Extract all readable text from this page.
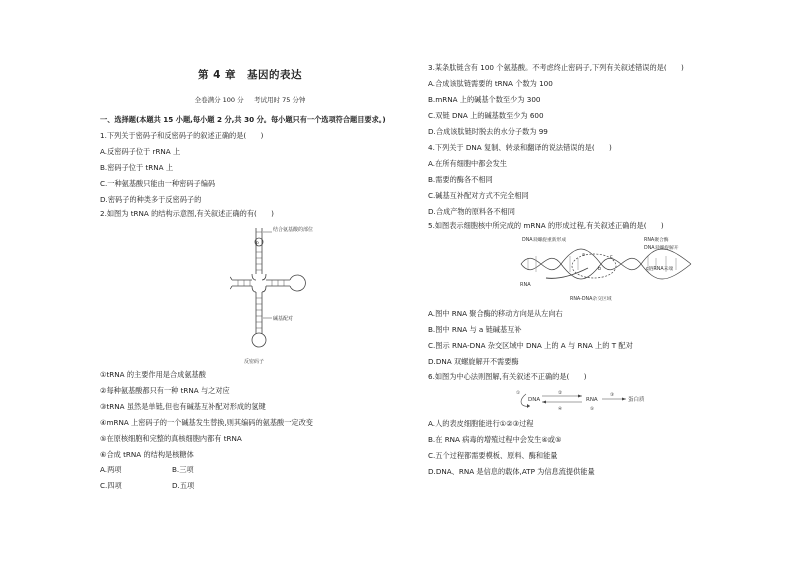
第 4 章　基因的表达
全卷满分 100 分 考试用时 75 分钟
一、选择题(本题共 15 小题,每小题 2 分,共 30 分。每小题只有一个选项符合题目要求。)
1.下列关于密码子和反密码子的叙述正确的是(　　)
A.反密码子位于 rRNA 上
B.密码子位于 tRNA 上
C.一种氨基酸只能由一种密码子编码
D.密码子的种类多于反密码子的
2.如图为 tRNA 的结构示意图,有关叙述正确的有(　　)
P
结合氨基酸的部位
碱基配对
反密码子
①tRNA 的主要作用是合成氨基酸
②每种氨基酸都只有一种 tRNA 与之对应
③tRNA 虽然是单链,但也有碱基互补配对形成的氢键
④mRNA 上密码子的一个碱基发生替换,则其编码的氨基酸一定改变
⑤在原核细胞和完整的真核细胞内都有 tRNA
⑥合成 tRNA 的结构是核糖体
A.两项	B.三项
C.四项	D.五项
3.某条肽链含有 100 个氨基酸。不考虑终止密码子,下列有关叙述错误的是(　　)
A.合成该肽链需要的 tRNA 个数为 100
B.mRNA 上的碱基个数至少为 300
C.双链 DNA 上的碱基数至少为 600
D.合成该肽链时脱去的水分子数为 99
4.下列关于 DNA 复制、转录和翻译的说法错误的是(　　)
A.在所有细胞中都会发生
B.需要的酶各不相同
C.碱基互补配对方式不完全相同
D.合成产物的原料各不相同
5.如图表示细胞核中所完成的 mRNA 的形成过程,有关叙述正确的是(　　)
DNA双螺旋重新形成	RNA聚合酶
DNA双螺旋解开
RNA
a
b
c
c链RNA末端
RNA-DNA杂交区域
A.图中 RNA 聚合酶的移动方向是从左向右
B.图中 RNA 与 a 链碱基互补
C.图示 RNA-DNA 杂交区域中 DNA 上的 A 与 RNA 上的 T 配对
D.DNA 双螺旋解开不需要酶
6.如图为中心法则图解,有关叙述不正确的是(　　)
DNA	RNA	蛋白质
①	②	③
④	⑤
A.人的表皮细胞能进行①②③过程
B.在 RNA 病毒的增殖过程中会发生④或⑤
C.五个过程都需要模板、原料、酶和能量
D.DNA、RNA 是信息的载体,ATP 为信息流提供能量
